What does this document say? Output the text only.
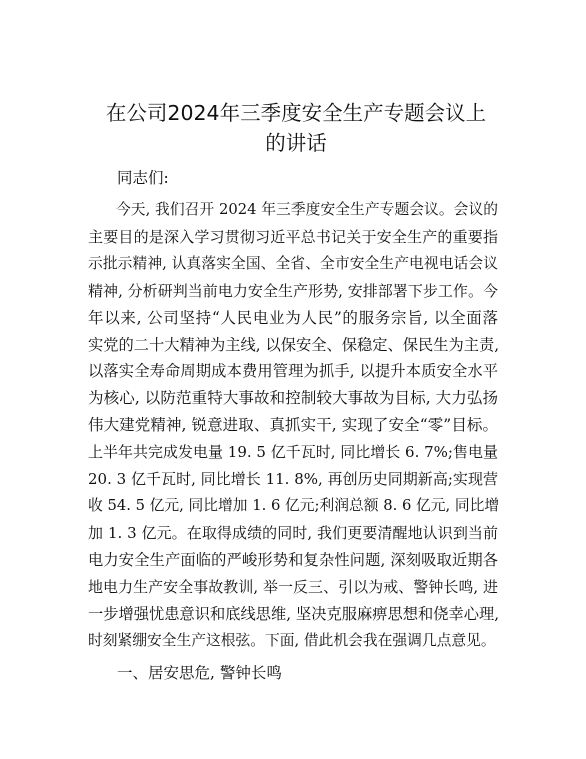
在公司2024年三季度安全生产专题会议上的讲话

同志们:

今天, 我们召开 2024 年三季度安全生产专题会议。会议的
主要目的是深入学习贯彻习近平总书记关于安全生产的重要指
示批示精神, 认真落实全国、全省、全市安全生产电视电话会议
精神, 分析研判当前电力安全生产形势, 安排部署下步工作。今
年以来, 公司坚持“人民电业为人民”的服务宗旨, 以全面落
实党的二十大精神为主线, 以保安全、保稳定、保民生为主责,
以落实全寿命周期成本费用管理为抓手, 以提升本质安全水平
为核心, 以防范重特大事故和控制较大事故为目标, 大力弘扬
伟大建党精神, 锐意进取、真抓实干, 实现了安全“零”目标。
上半年共完成发电量 19. 5 亿千瓦时, 同比增长 6. 7%;售电量
20. 3 亿千瓦时, 同比增长 11. 8%, 再创历史同期新高;实现营
收 54. 5 亿元, 同比增加 1. 6 亿元;利润总额 8. 6 亿元, 同比增
加 1. 3 亿元。在取得成绩的同时, 我们更要清醒地认识到当前
电力安全生产面临的严峻形势和复杂性问题, 深刻吸取近期各
地电力生产安全事故教训, 举一反三、引以为戒、警钟长鸣, 进
一步增强忧患意识和底线思维, 坚决克服麻痹思想和侥幸心理,
时刻紧绷安全生产这根弦。下面, 借此机会我在强调几点意见。

一、居安思危, 警钟长鸣
